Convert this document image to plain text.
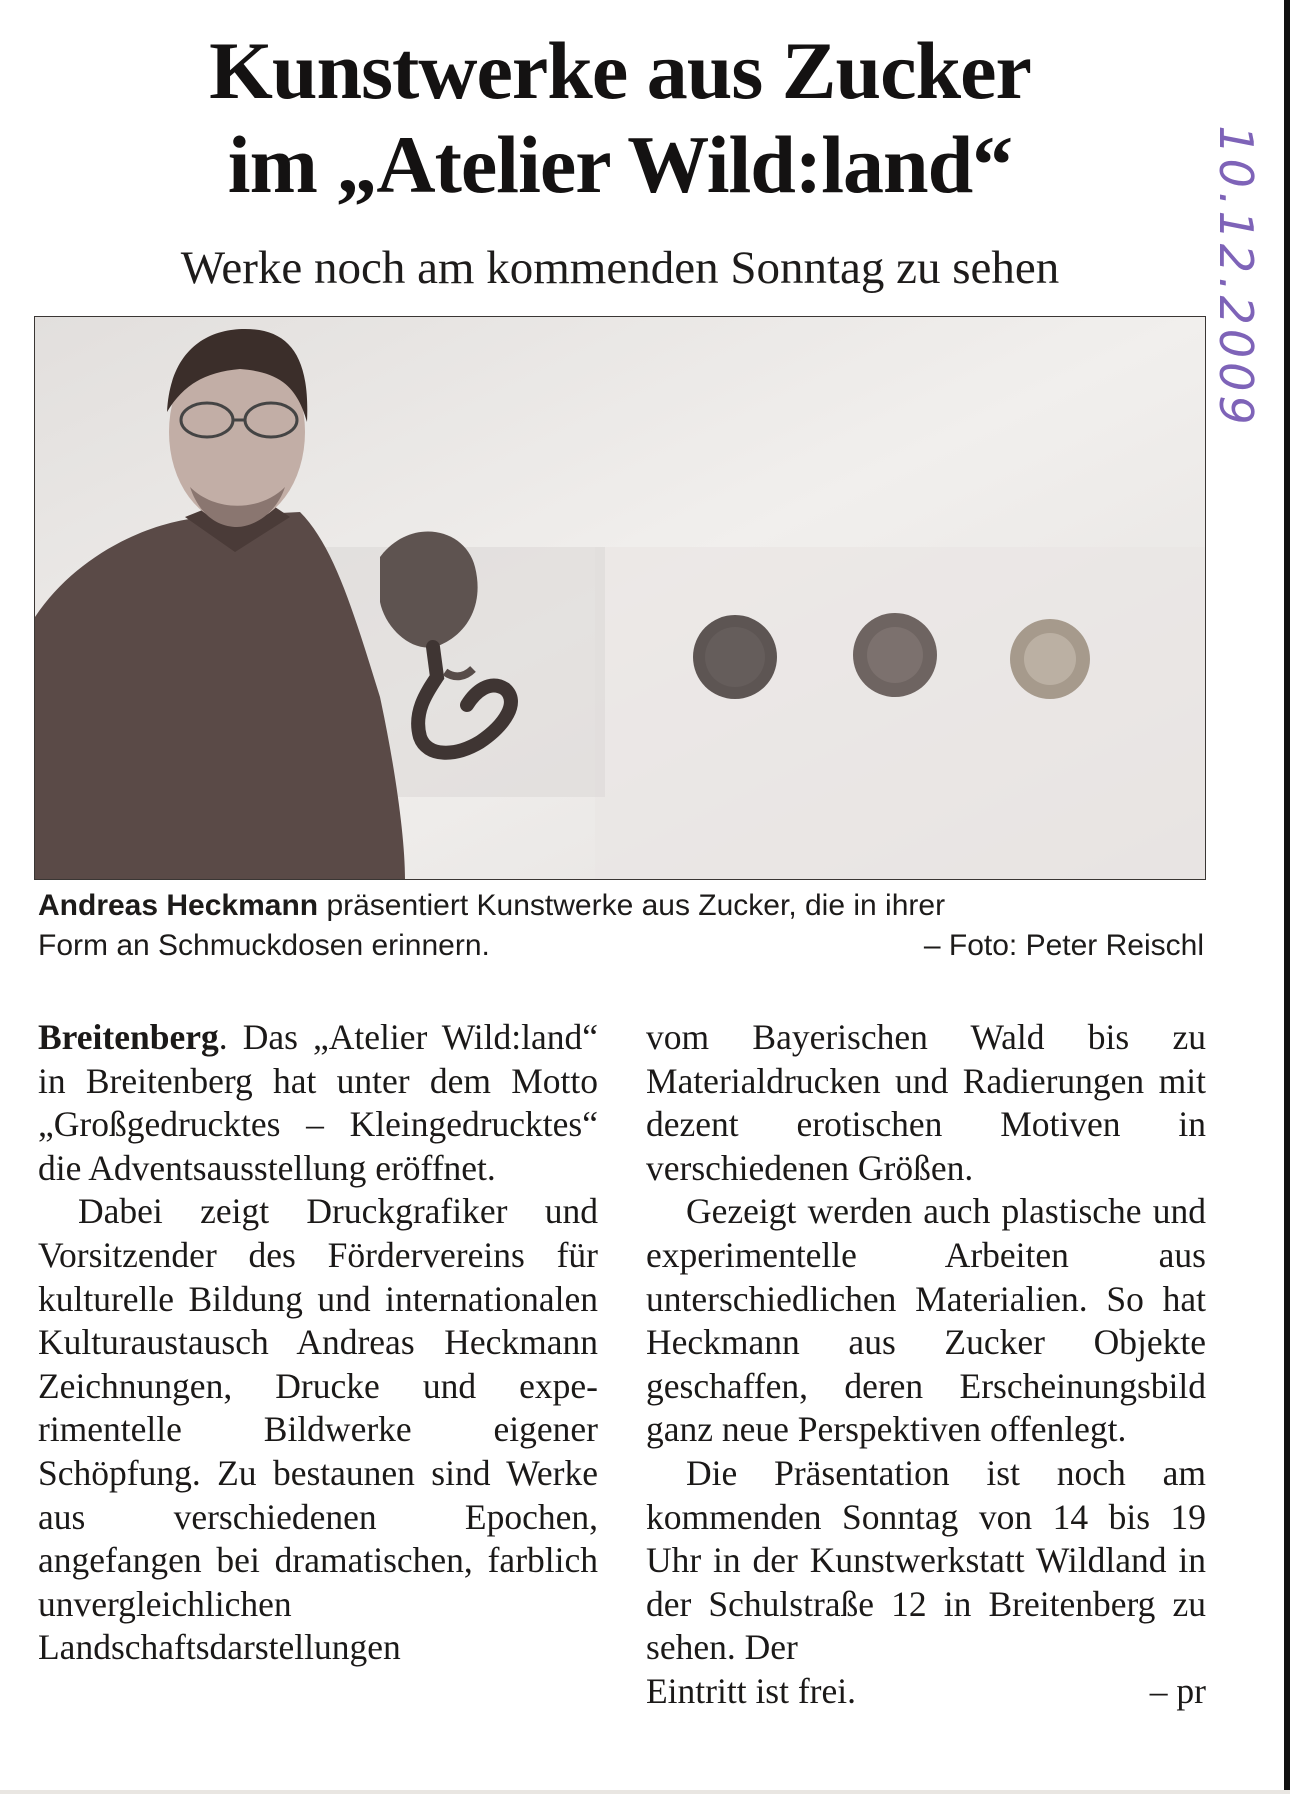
Kunstwerke aus Zucker
im „Atelier Wild:land“
Werke noch am kommenden Sonntag zu sehen
Andreas Heckmann präsentiert Kunstwerke aus Zucker, die in ihrer
Form an Schmuckdosen erinnern.	– Foto: Peter Reischl

Breitenberg. Das „Atelier Wild:land“ in Breitenberg hat unter dem Motto „Großgedrucktes – Kleingedrucktes“ die Adventsausstellung eröffnet.

Dabei zeigt Druckgrafiker und Vorsitzender des Fördervereins für kulturelle Bildung und internationalen Kulturaustausch Andreas Heckmann Zeichnungen, Drucke und experimentelle Bildwerke eigener Schöpfung. Zu bestaunen sind Werke aus verschiedenen Epochen, angefangen bei dramatischen, farblich unvergleichlichen Landschaftsdarstellungen

vom Bayerischen Wald bis zu Materialdrucken und Radierungen mit dezent erotischen Motiven in verschiedenen Größen.

Gezeigt werden auch plastische und experimentelle Arbeiten aus unterschiedlichen Materialien. So hat Heckmann aus Zucker Objekte geschaffen, deren Erscheinungsbild ganz neue Perspektiven offenlegt.

Die Präsentation ist noch am kommenden Sonntag von 14 bis 19 Uhr in der Kunstwerkstatt Wildland in der Schulstraße 12 in Breitenberg zu sehen. Der

Eintritt ist frei.	– pr
10.12.2009
